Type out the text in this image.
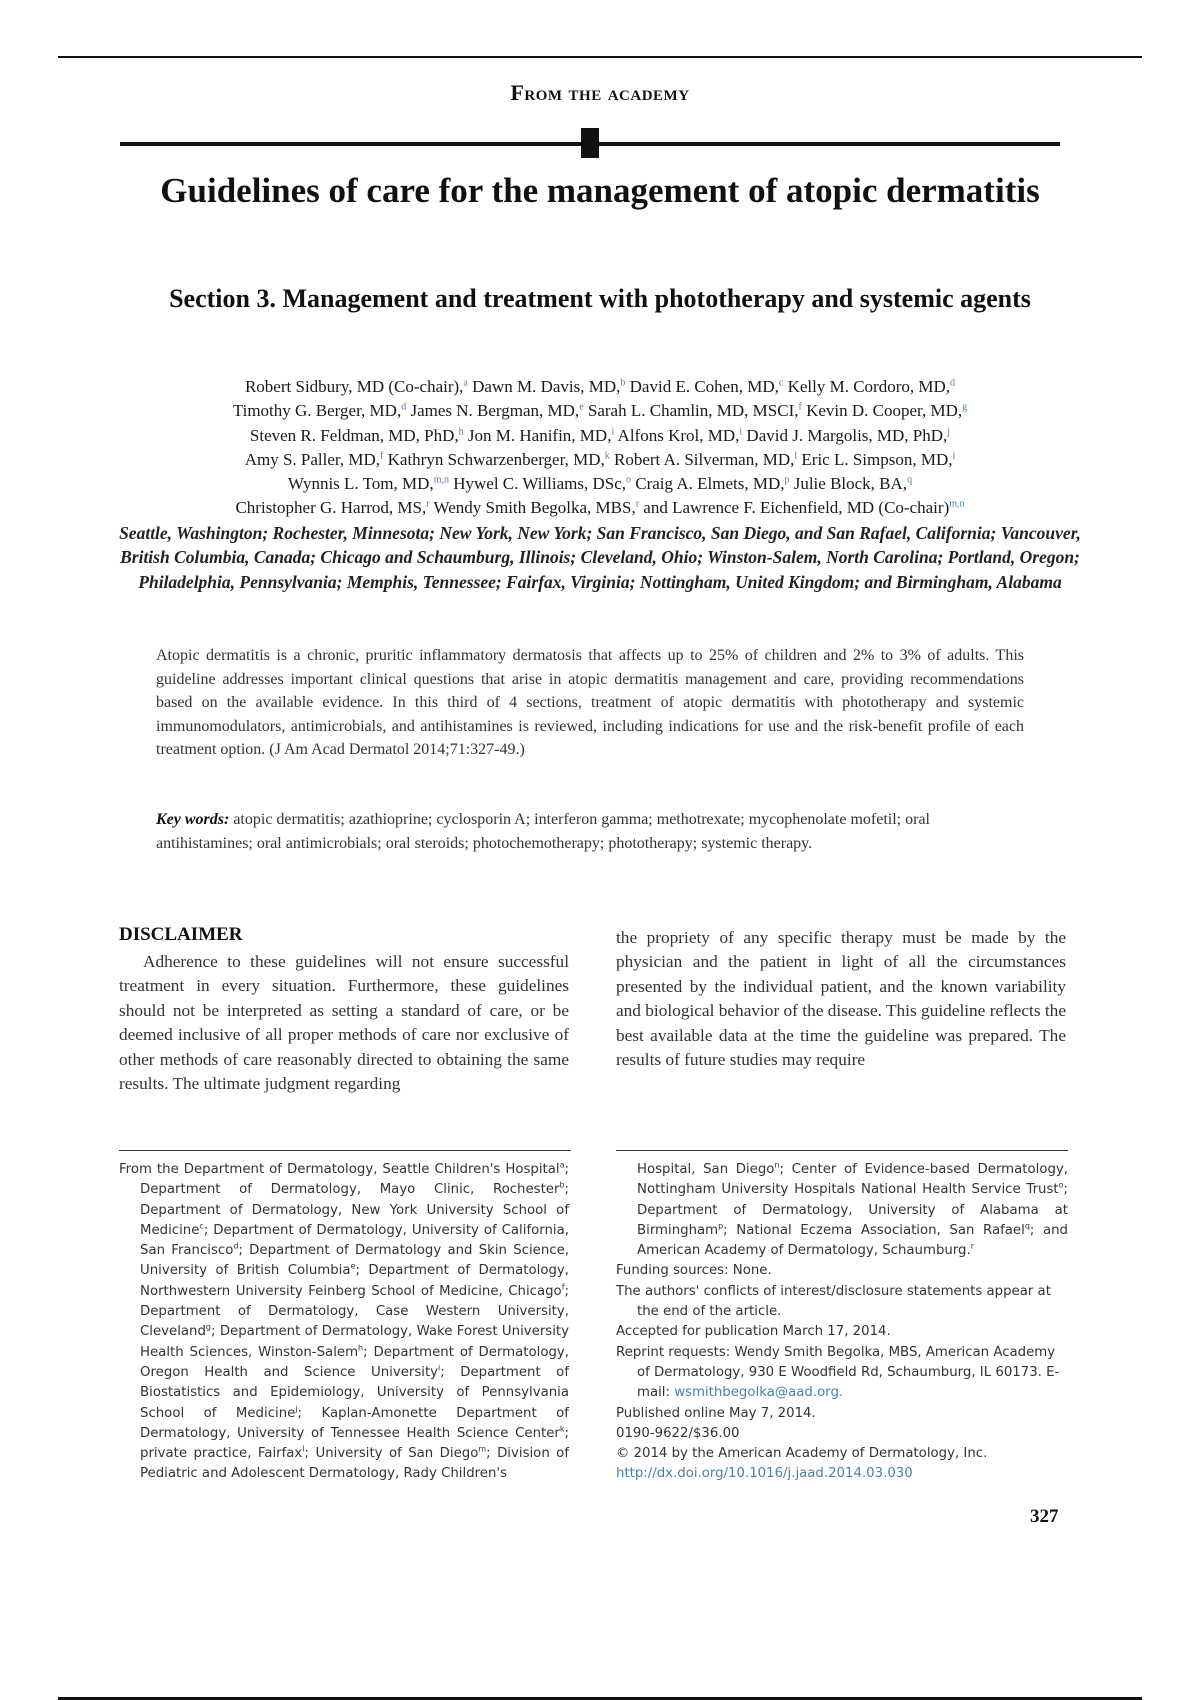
From the academy
Guidelines of care for the management of atopic dermatitis
Section 3. Management and treatment with phototherapy and systemic agents
Robert Sidbury, MD (Co-chair),$^a$ Dawn M. Davis, MD,$^b$ David E. Cohen, MD,$^c$ Kelly M. Cordoro, MD,$^d$
Timothy G. Berger, MD,$^d$ James N. Bergman, MD,$^e$ Sarah L. Chamlin, MD, MSCI,$^f$ Kevin D. Cooper, MD,$^g$
Steven R. Feldman, MD, PhD,$^h$ Jon M. Hanifin, MD,$^i$ Alfons Krol, MD,$^i$ David J. Margolis, MD, PhD,$^j$
Amy S. Paller, MD,$^f$ Kathryn Schwarzenberger, MD,$^k$ Robert A. Silverman, MD,$^l$ Eric L. Simpson, MD,$^i$
Wynnis L. Tom, MD,$^{m,n}$ Hywel C. Williams, DSc,$^o$ Craig A. Elmets, MD,$^p$ Julie Block, BA,$^q$
Christopher G. Harrod, MS,$^r$ Wendy Smith Begolka, MBS,$^r$ and Lawrence F. Eichenfield, MD (Co-chair)$^{m,n}$
Seattle, Washington; Rochester, Minnesota; New York, New York; San Francisco, San Diego, and San Rafael, California; Vancouver, British Columbia, Canada; Chicago and Schaumburg, Illinois; Cleveland, Ohio; Winston-Salem, North Carolina; Portland, Oregon; Philadelphia, Pennsylvania; Memphis, Tennessee; Fairfax, Virginia; Nottingham, United Kingdom; and Birmingham, Alabama
Atopic dermatitis is a chronic, pruritic inflammatory dermatosis that affects up to 25% of children and 2% to 3% of adults. This guideline addresses important clinical questions that arise in atopic dermatitis management and care, providing recommendations based on the available evidence. In this third of 4 sections, treatment of atopic dermatitis with phototherapy and systemic immunomodulators, antimicrobials, and antihistamines is reviewed, including indications for use and the risk-benefit profile of each treatment option. (J Am Acad Dermatol 2014;71:327-49.)
Key words: atopic dermatitis; azathioprine; cyclosporin A; interferon gamma; methotrexate; mycophenolate mofetil; oral antihistamines; oral antimicrobials; oral steroids; photochemotherapy; phototherapy; systemic therapy.
DISCLAIMER
Adherence to these guidelines will not ensure successful treatment in every situation. Furthermore, these guidelines should not be interpreted as setting a standard of care, or be deemed inclusive of all proper methods of care nor exclusive of other methods of care reasonably directed to obtaining the same results. The ultimate judgment regarding
the propriety of any specific therapy must be made by the physician and the patient in light of all the circumstances presented by the individual patient, and the known variability and biological behavior of the disease. This guideline reflects the best available data at the time the guideline was prepared. The results of future studies may require
From the Department of Dermatology, Seattle Children's Hospital$^a$; Department of Dermatology, Mayo Clinic, Rochester$^b$; Department of Dermatology, New York University School of Medicine$^c$; Department of Dermatology, University of California, San Francisco$^d$; Department of Dermatology and Skin Science, University of British Columbia$^e$; Department of Dermatology, Northwestern University Feinberg School of Medicine, Chicago$^f$; Department of Dermatology, Case Western University, Cleveland$^g$; Department of Dermatology, Wake Forest University Health Sciences, Winston-Salem$^h$; Department of Dermatology, Oregon Health and Science University$^i$; Department of Biostatistics and Epidemiology, University of Pennsylvania School of Medicine$^j$; Kaplan-Amonette Department of Dermatology, University of Tennessee Health Science Center$^k$; private practice, Fairfax$^l$; University of San Diego$^m$; Division of Pediatric and Adolescent Dermatology, Rady Children's
Hospital, San Diego$^n$; Center of Evidence-based Dermatology, Nottingham University Hospitals National Health Service Trust$^o$; Department of Dermatology, University of Alabama at Birmingham$^p$; National Eczema Association, San Rafael$^q$; and American Academy of Dermatology, Schaumburg.$^r$
Funding sources: None.
The authors' conflicts of interest/disclosure statements appear at the end of the article.
Accepted for publication March 17, 2014.
Reprint requests: Wendy Smith Begolka, MBS, American Academy of Dermatology, 930 E Woodfield Rd, Schaumburg, IL 60173. E-mail: wsmithbegolka@aad.org.
Published online May 7, 2014.
0190-9622/$36.00
© 2014 by the American Academy of Dermatology, Inc.
http://dx.doi.org/10.1016/j.jaad.2014.03.030
327
